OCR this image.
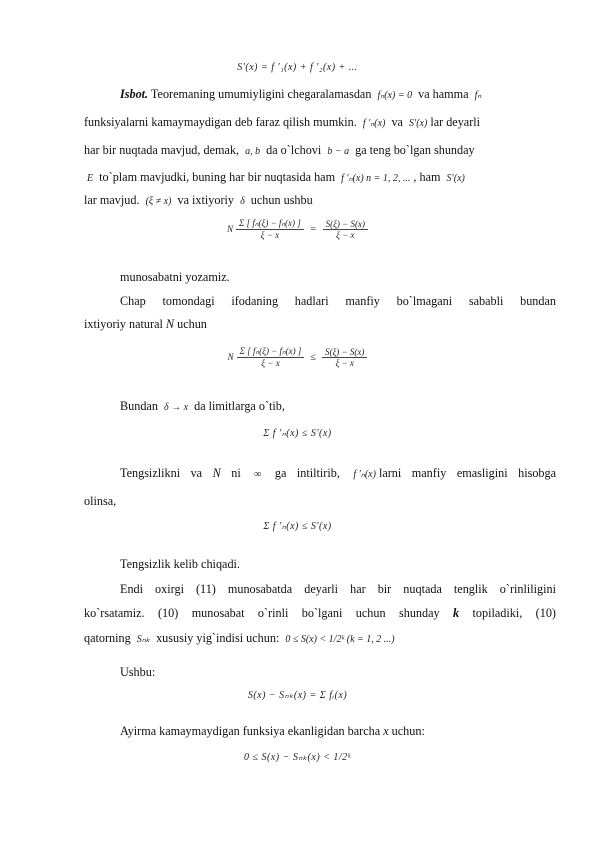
S′(x) = f ′₁(x) + f ′₂(x) + ...
Isbot. Teoremaning umumiyligini chegaralamasdan fₙ(x) = 0 va hamma fₙ
funksiyalarni kamaymaydigan deb faraz qilish mumkin. f ′ₙ(x) va S′(x) lar deyarli
har bir nuqtada mavjud, demak, a, b da o`lchovi b − a ga teng bo`lgan shunday
E to`plam mavjudki, buning har bir nuqtasida ham f ′ₙ(x) n = 1, 2, ... , ham S′(x)
lar mavjud. (ξ ≠ x) va ixtiyoriy δ uchun ushbu
N $\frac{\text{Σ [ fₙ(ξ) − fₙ(x) ]}}{\xi - x} = \frac{S(\xi) - S(x)}{\xi - x}$
munosabatni yozamiz.
Chap tomondagi ifodaning hadlari manfiy bo`lmagani sababli bundan
ixtiyoriy natural N uchun
N $\frac{\text{Σ [ fₙ(ξ) − fₙ(x) ]}}{\xi - x} \le \frac{S(\xi) - S(x)}{\xi - x}$
Bundan δ → x da limitlarga o`tib,
Σ f ′ₙ(x) ≤ S′(x)
Tengsizlikni va N ni ∞ ga intiltirib, f ′ₙ(x) larni manfiy emasligini hisobga
olinsa,
Σ f ′ₙ(x) ≤ S′(x)
Tengsizlik kelib chiqadi.
Endi oxirgi (11) munosabatda deyarli har bir nuqtada tenglik o`rinliligini
ko`rsatamiz. (10) munosabat o`rinli bo`lgani uchun shunday k topiladiki, (10)
qatorning Sₙₖ xususiy yig`indisi uchun: 0 ≤ S(x) < 1/2ᵏ (k = 1, 2 ...)
Ushbu:
S(x) − Sₙₖ(x) = Σ fᵢ(x)
Ayirma kamaymaydigan funksiya ekanligidan barcha x uchun:
0 ≤ S(x) − Sₙₖ(x) < 1/2ᵏ
